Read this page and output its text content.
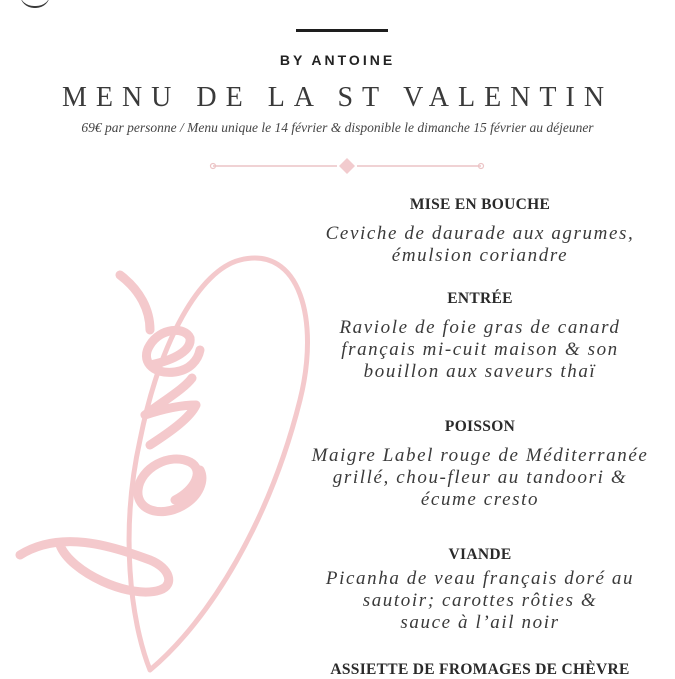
BY ANTOINE
MENU DE LA ST VALENTIN
69€ par personne / Menu unique le 14 février & disponible le dimanche 15 février au déjeuner
MISE EN BOUCHE
Ceviche de daurade aux agrumes,
émulsion coriandre
ENTRÉE
Raviole de foie gras de canard
français mi-cuit maison & son
bouillon aux saveurs thaï
POISSON
Maigre Label rouge de Méditerranée
grillé, chou-fleur au tandoori &
écume cresto
VIANDE
Picanha de veau français doré au
sautoir; carottes rôties &
sauce à l’ail noir
ASSIETTE DE FROMAGES DE CHÈVRE
